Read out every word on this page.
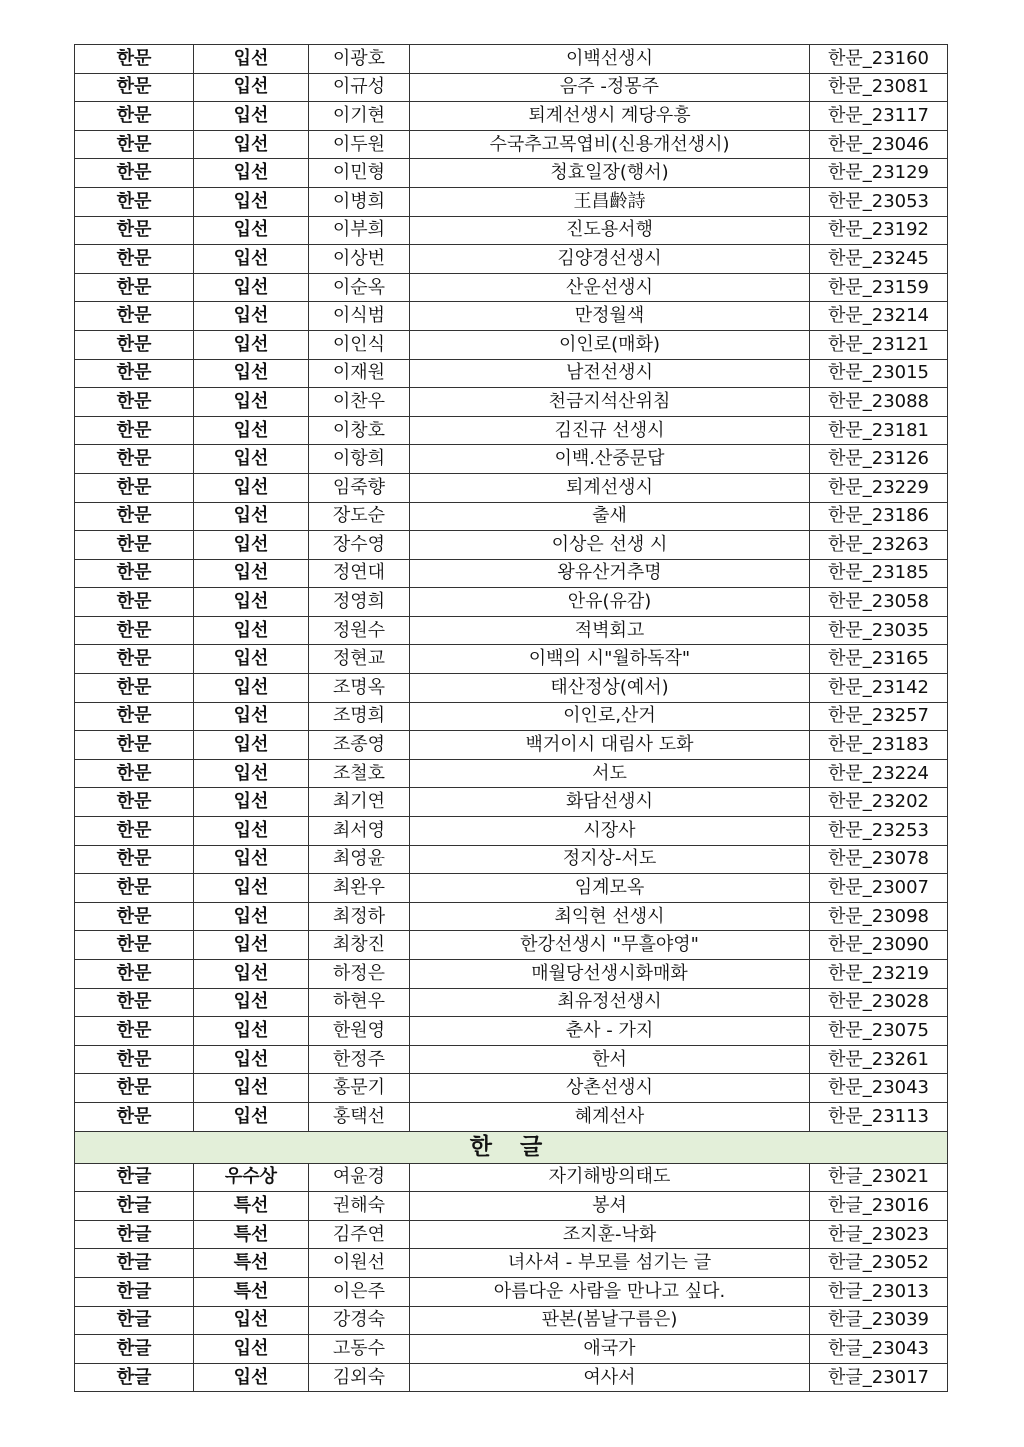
한문	입선	이광호	이백선생시	한문_23160
한문	입선	이규성	음주 -정몽주	한문_23081
한문	입선	이기현	퇴계선생시 계당우흥	한문_23117
한문	입선	이두원	수국추고목엽비(신용개선생시)	한문_23046
한문	입선	이민형	청효일장(행서)	한문_23129
한문	입선	이병희	王昌齡詩	한문_23053
한문	입선	이부희	진도용서행	한문_23192
한문	입선	이상번	김양경선생시	한문_23245
한문	입선	이순옥	산운선생시	한문_23159
한문	입선	이식범	만정월색	한문_23214
한문	입선	이인식	이인로(매화)	한문_23121
한문	입선	이재원	남전선생시	한문_23015
한문	입선	이찬우	천금지석산위침	한문_23088
한문	입선	이창호	김진규 선생시	한문_23181
한문	입선	이항희	이백.산중문답	한문_23126
한문	입선	임죽향	퇴계선생시	한문_23229
한문	입선	장도순	출새	한문_23186
한문	입선	장수영	이상은 선생 시	한문_23263
한문	입선	정연대	왕유산거추명	한문_23185
한문	입선	정영희	안유(유감)	한문_23058
한문	입선	정원수	적벽회고	한문_23035
한문	입선	정현교	이백의 시"월하독작"	한문_23165
한문	입선	조명옥	태산정상(예서)	한문_23142
한문	입선	조명희	이인로,산거	한문_23257
한문	입선	조종영	백거이시 대림사 도화	한문_23183
한문	입선	조철호	서도	한문_23224
한문	입선	최기연	화담선생시	한문_23202
한문	입선	최서영	시장사	한문_23253
한문	입선	최영윤	정지상-서도	한문_23078
한문	입선	최완우	임계모옥	한문_23007
한문	입선	최정하	최익현 선생시	한문_23098
한문	입선	최창진	한강선생시 "무흘야영"	한문_23090
한문	입선	하정은	매월당선생시화매화	한문_23219
한문	입선	하현우	최유정선생시	한문_23028
한문	입선	한원영	춘사 - 가지	한문_23075
한문	입선	한정주	한서	한문_23261
한문	입선	홍문기	상촌선생시	한문_23043
한문	입선	홍택선	혜계선사	한문_23113
한 글				
한글	우수상	여윤경	자기해방의태도	한글_23021
한글	특선	권해숙	봉셔	한글_23016
한글	특선	김주연	조지훈-낙화	한글_23023
한글	특선	이원선	녀사셔 - 부모를 섬기는 글	한글_23052
한글	특선	이은주	아름다운 사람을 만나고 싶다.	한글_23013
한글	입선	강경숙	판본(봄날구름은)	한글_23039
한글	입선	고동수	애국가	한글_23043
한글	입선	김외숙	여사서	한글_23017
